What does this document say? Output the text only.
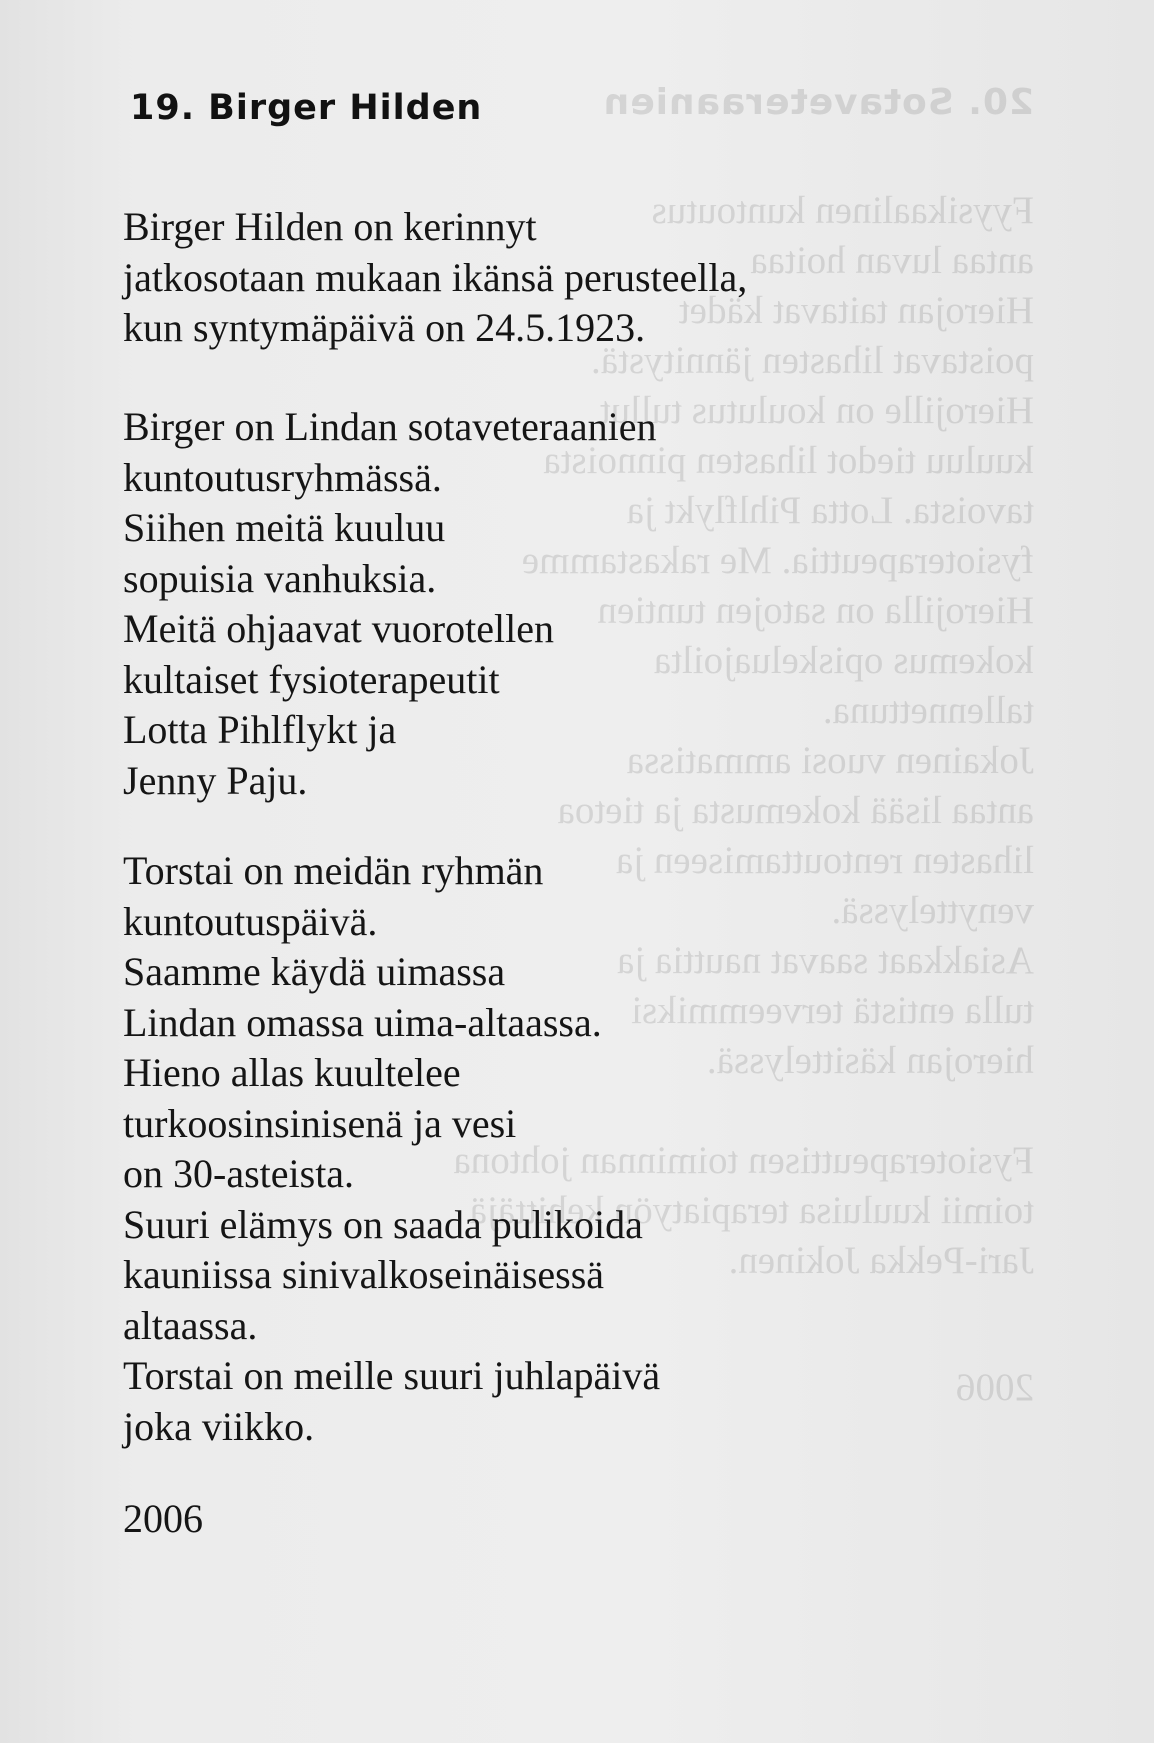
20. Sotaveteraanien
Fyysikaalinen kuntoutus
antaa luvan hoitaa
Hierojan taitavat kädet
poistavat lihasten jännitystä.
Hierojille on koulutus tullut
kuuluu tiedot lihasten pinnoista
tavoista. Lotta Pihlflykt ja
fysioterapeuttia. Me rakastamme
Hierojilla on satojen tuntien
kokemus opiskeluajoilta
tallennettuna.
Jokainen vuosi ammatissa
antaa lisää kokemusta ja tietoa
lihasten rentouttamiseen ja
venyttelyssä.
Asiakkaat saavat nauttia ja
tulla entistä terveemmiksi
hierojan käsittelyssä.

Fysioterapeuttisen toiminnan johtona
toimii kuuluisa terapiatyön kehittäjä
Jari-Pekka Jokinen.
2006
19. Birger Hilden
Birger Hilden on kerinnyt
jatkosotaan mukaan ikänsä perusteella,
kun syntymäpäivä on 24.5.1923.
Birger on Lindan sotaveteraanien
kuntoutusryhmässä.
Siihen meitä kuuluu
sopuisia vanhuksia.
Meitä ohjaavat vuorotellen
kultaiset fysioterapeutit
Lotta Pihlflykt ja
Jenny Paju.
Torstai on meidän ryhmän
kuntoutuspäivä.
Saamme käydä uimassa
Lindan omassa uima-altaassa.
Hieno allas kuultelee
turkoosinsinisenä ja vesi
on 30-asteista.
Suuri elämys on saada pulikoida
kauniissa sinivalkoseinäisessä
altaassa.
Torstai on meille suuri juhlapäivä
joka viikko.
2006
